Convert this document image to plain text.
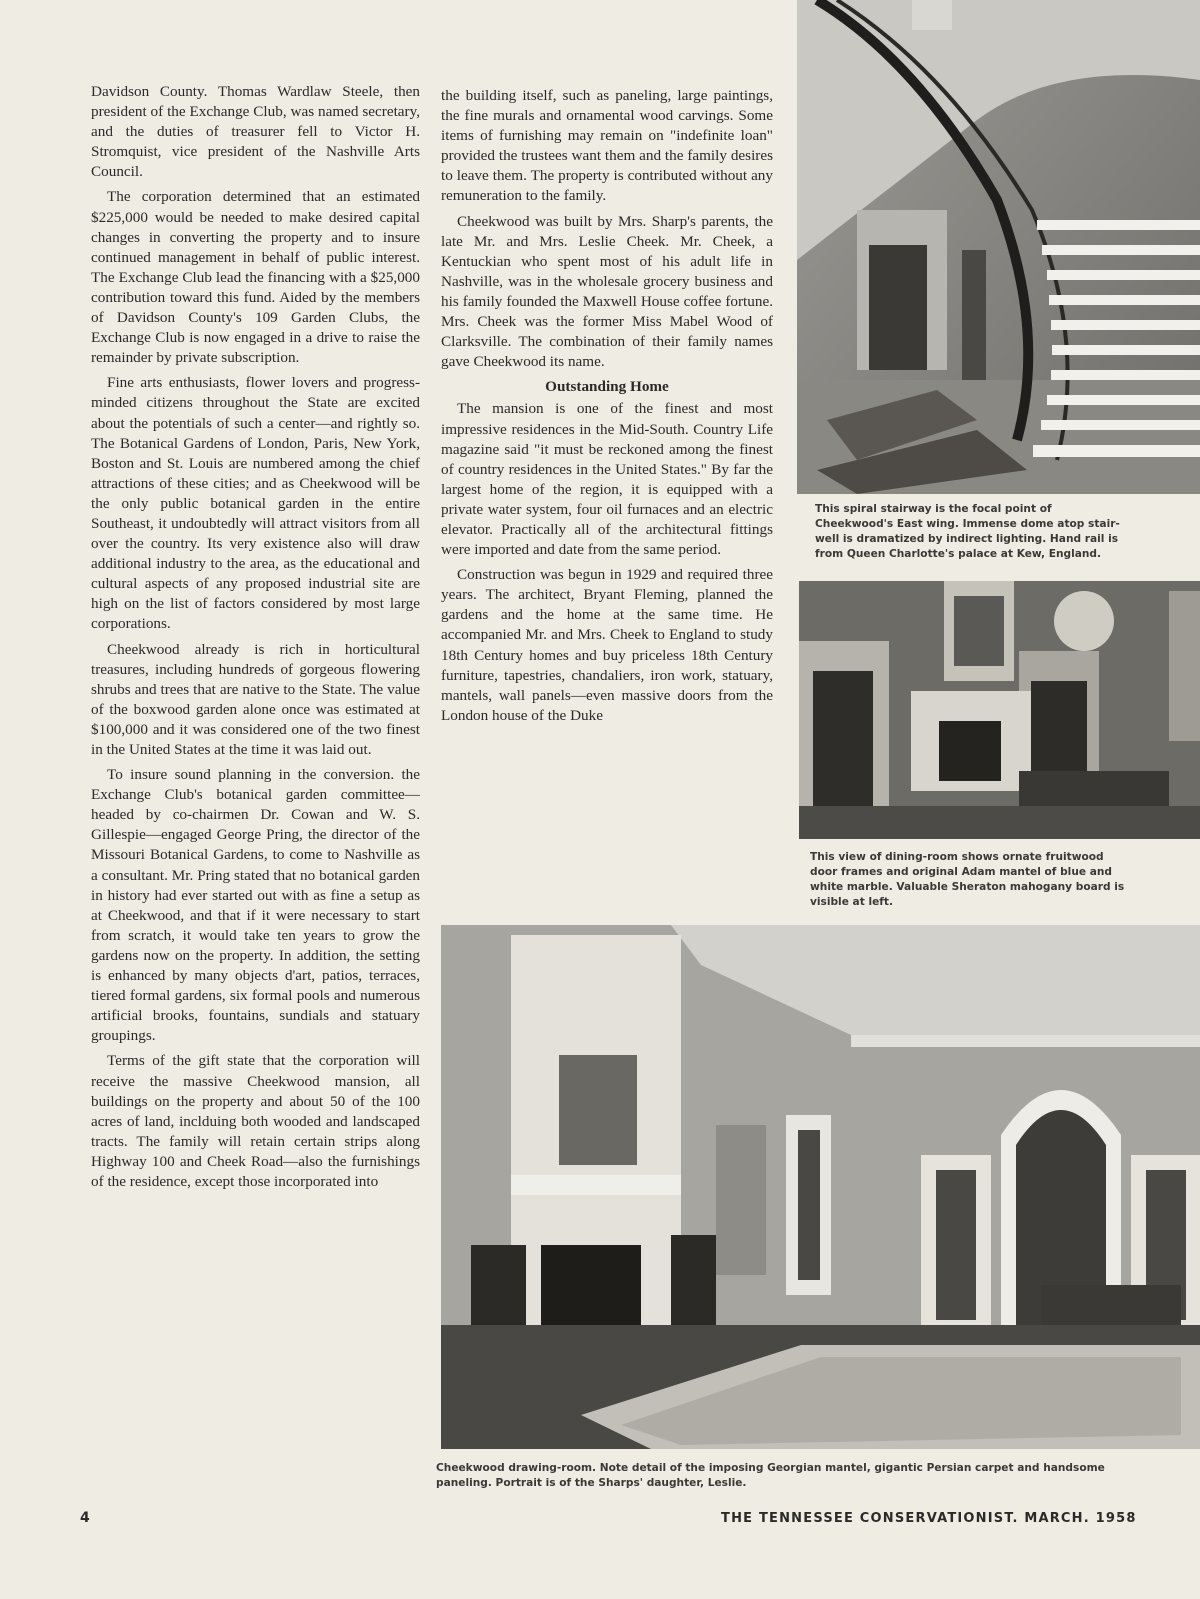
Davidson County. Thomas Wardlaw Steele, then president of the Exchange Club, was named secretary, and the duties of treasurer fell to Victor H. Stromquist, vice president of the Nashville Arts Council.

The corporation determined that an estimated $225,000 would be needed to make desired capital changes in converting the property and to insure continued management in behalf of public interest. The Exchange Club lead the financing with a $25,000 contribution toward this fund. Aided by the members of Davidson County's 109 Garden Clubs, the Exchange Club is now engaged in a drive to raise the remainder by private subscription.

Fine arts enthusiasts, flower lovers and progress-minded citizens throughout the State are excited about the potentials of such a center—and rightly so. The Botanical Gardens of London, Paris, New York, Boston and St. Louis are numbered among the chief attractions of these cities; and as Cheekwood will be the only public botanical garden in the entire Southeast, it undoubtedly will attract visitors from all over the country. Its very existence also will draw additional industry to the area, as the educational and cultural aspects of any proposed industrial site are high on the list of factors considered by most large corporations.

Cheekwood already is rich in horticultural treasures, including hundreds of gorgeous flowering shrubs and trees that are native to the State. The value of the boxwood garden alone once was estimated at $100,000 and it was considered one of the two finest in the United States at the time it was laid out.

To insure sound planning in the conversion. the Exchange Club's botanical garden committee—headed by co-chairmen Dr. Cowan and W. S. Gillespie—engaged George Pring, the director of the Missouri Botanical Gardens, to come to Nashville as a consultant. Mr. Pring stated that no botanical garden in history had ever started out with as fine a setup as at Cheekwood, and that if it were necessary to start from scratch, it would take ten years to grow the gardens now on the property. In addition, the setting is enhanced by many objects d'art, patios, terraces, tiered formal gardens, six formal pools and numerous artificial brooks, fountains, sundials and statuary groupings.

Terms of the gift state that the corporation will receive the massive Cheekwood mansion, all buildings on the property and about 50 of the 100 acres of land, inclduing both wooded and landscaped tracts. The family will retain certain strips along Highway 100 and Cheek Road—also the furnishings of the residence, except those incorporated into

the building itself, such as paneling, large paintings, the fine murals and ornamental wood carvings. Some items of furnishing may remain on "indefinite loan" provided the trustees want them and the family desires to leave them. The property is contributed without any remuneration to the family.

Cheekwood was built by Mrs. Sharp's parents, the late Mr. and Mrs. Leslie Cheek. Mr. Cheek, a Kentuckian who spent most of his adult life in Nashville, was in the wholesale grocery business and his family founded the Maxwell House coffee fortune. Mrs. Cheek was the former Miss Mabel Wood of Clarksville. The combination of their family names gave Cheekwood its name.

Outstanding Home

The mansion is one of the finest and most impressive residences in the Mid-South. Country Life magazine said "it must be reckoned among the finest of country residences in the United States." By far the largest home of the region, it is equipped with a private water system, four oil furnaces and an electric elevator. Practically all of the architectural fittings were imported and date from the same period.

Construction was begun in 1929 and required three years. The architect, Bryant Fleming, planned the gardens and the home at the same time. He accompanied Mr. and Mrs. Cheek to England to study 18th Century homes and buy priceless 18th Century furniture, tapestries, chandaliers, iron work, statuary, mantels, wall panels—even massive doors from the London house of the Duke

This spiral stairway is the focal point of Cheekwood's East wing. Immense dome atop stair-well is dramatized by indirect lighting. Hand rail is from Queen Charlotte's palace at Kew, England.
This view of dining-room shows ornate fruitwood door frames and original Adam mantel of blue and white marble. Valuable Sheraton mahogany board is visible at left.
Cheekwood drawing-room. Note detail of the imposing Georgian mantel, gigantic Persian carpet and handsome paneling. Portrait is of the Sharps' daughter, Leslie.
4	THE TENNESSEE CONSERVATIONIST. MARCH. 1958
